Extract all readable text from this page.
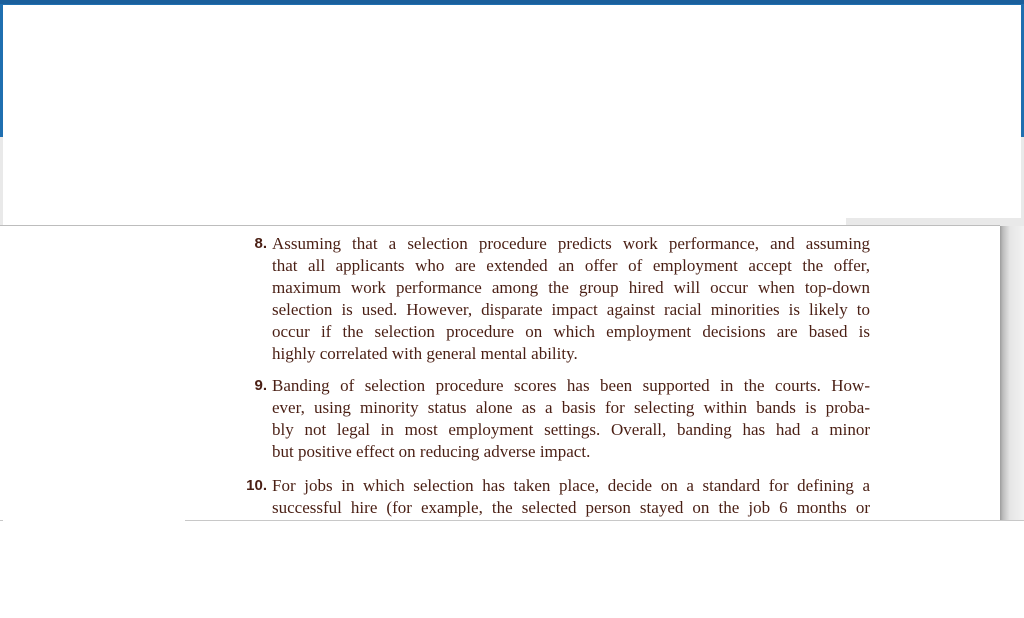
8. Assuming that a selection procedure predicts work performance, and assuming
that all applicants who are extended an offer of employment accept the offer,
maximum work performance among the group hired will occur when top-down
selection is used. However, disparate impact against racial minorities is likely to
occur if the selection procedure on which employment decisions are based is
highly correlated with general mental ability.
9. Banding of selection procedure scores has been supported in the courts. How-
ever, using minority status alone as a basis for selecting within bands is proba-
bly not legal in most employment settings. Overall, banding has had a minor
but positive effect on reducing adverse impact.
10. For jobs in which selection has taken place, decide on a standard for defining a
successful hire (for example, the selected person stayed on the job 6 months or
